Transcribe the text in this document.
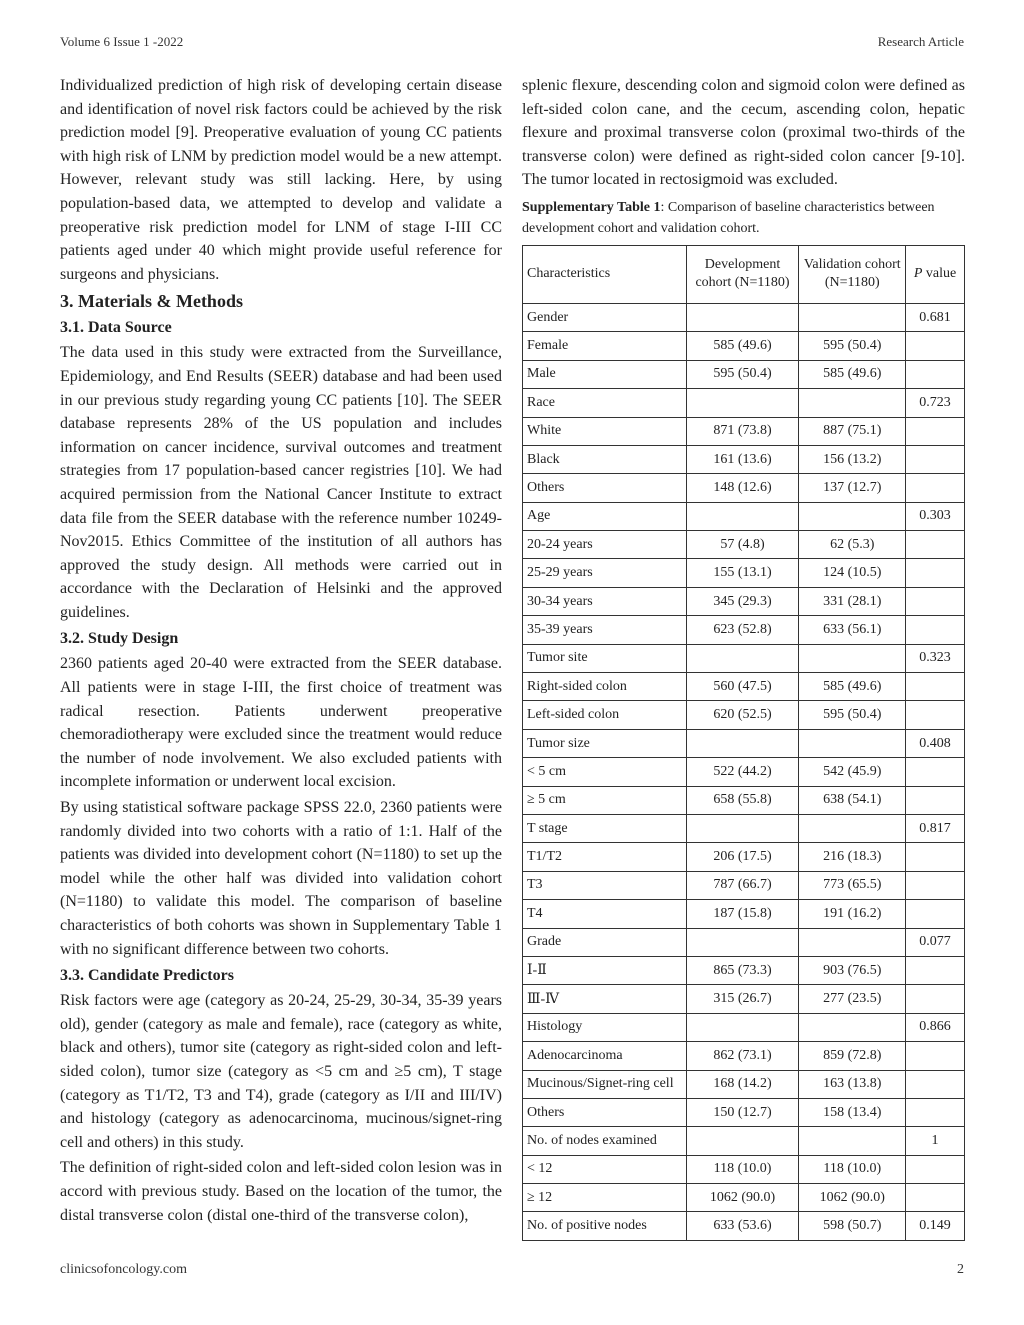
Volume 6 Issue 1 -2022	Research Article

Individualized prediction of high risk of developing certain disease and identification of novel risk factors could be achieved by the risk prediction model [9]. Preoperative evaluation of young CC patients with high risk of LNM by prediction model would be a new attempt. However, relevant study was still lacking. Here, by using population-based data, we attempted to develop and validate a preoperative risk prediction model for LNM of stage I-III CC patients aged under 40 which might provide useful reference for surgeons and physicians.

3. Materials & Methods
3.1. Data Source

The data used in this study were extracted from the Surveillance, Epidemiology, and End Results (SEER) database and had been used in our previous study regarding young CC patients [10]. The SEER database represents 28% of the US population and includes information on cancer incidence, survival outcomes and treatment strategies from 17 population-based cancer registries [10]. We had acquired permission from the National Cancer Institute to extract data file from the SEER database with the reference number 10249-Nov2015. Ethics Committee of the institution of all authors has approved the study design. All methods were carried out in accordance with the Declaration of Helsinki and the approved guidelines.

3.2. Study Design

2360 patients aged 20-40 were extracted from the SEER database. All patients were in stage I-III, the first choice of treatment was radical resection. Patients underwent preoperative chemoradiotherapy were excluded since the treatment would reduce the number of node involvement. We also excluded patients with incomplete information or underwent local excision.

By using statistical software package SPSS 22.0, 2360 patients were randomly divided into two cohorts with a ratio of 1:1. Half of the patients was divided into development cohort (N=1180) to set up the model while the other half was divided into validation cohort (N=1180) to validate this model. The comparison of baseline characteristics of both cohorts was shown in Supplementary Table 1 with no significant difference between two cohorts.

3.3. Candidate Predictors

Risk factors were age (category as 20-24, 25-29, 30-34, 35-39 years old), gender (category as male and female), race (category as white, black and others), tumor site (category as right-sided colon and left-sided colon), tumor size (category as <5 cm and ≥5 cm), T stage (category as T1/T2, T3 and T4), grade (category as I/II and III/IV) and histology (category as adenocarcinoma, mucinous/signet-ring cell and others) in this study.

The definition of right-sided colon and left-sided colon lesion was in accord with previous study. Based on the location of the tumor, the distal transverse colon (distal one-third of the transverse colon),

splenic flexure, descending colon and sigmoid colon were defined as left-sided colon cane, and the cecum, ascending colon, hepatic flexure and proximal transverse colon (proximal two-thirds of the transverse colon) were defined as right-sided colon cancer [9-10]. The tumor located in rectosigmoid was excluded.

Supplementary Table 1: Comparison of baseline characteristics between development cohort and validation cohort.
Characteristics	Development cohort (N=1180)	Validation cohort (N=1180)	P value
Gender			0.681
Female	585 (49.6)	595 (50.4)	
Male	595 (50.4)	585 (49.6)	
Race			0.723
White	871 (73.8)	887 (75.1)	
Black	161 (13.6)	156 (13.2)	
Others	148 (12.6)	137 (12.7)	
Age			0.303
20-24 years	57 (4.8)	62 (5.3)	
25-29 years	155 (13.1)	124 (10.5)	
30-34 years	345 (29.3)	331 (28.1)	
35-39 years	623 (52.8)	633 (56.1)	
Tumor site			0.323
Right-sided colon	560 (47.5)	585 (49.6)	
Left-sided colon	620 (52.5)	595 (50.4)	
Tumor size			0.408
< 5 cm	522 (44.2)	542 (45.9)	
≥ 5 cm	658 (55.8)	638 (54.1)	
T stage			0.817
T1/T2	206 (17.5)	216 (18.3)	
T3	787 (66.7)	773 (65.5)	
T4	187 (15.8)	191 (16.2)	
Grade			0.077
Ⅰ-Ⅱ	865 (73.3)	903 (76.5)	
Ⅲ-Ⅳ	315 (26.7)	277 (23.5)	
Histology			0.866
Adenocarcinoma	862 (73.1)	859 (72.8)	
Mucinous/Signet-ring cell	168 (14.2)	163 (13.8)	
Others	150 (12.7)	158 (13.4)	
No. of nodes examined			1
< 12	118 (10.0)	118 (10.0)	
≥ 12	1062 (90.0)	1062 (90.0)	
No. of positive nodes	633 (53.6)	598 (50.7)	0.149
clinicsofoncology.com	2
